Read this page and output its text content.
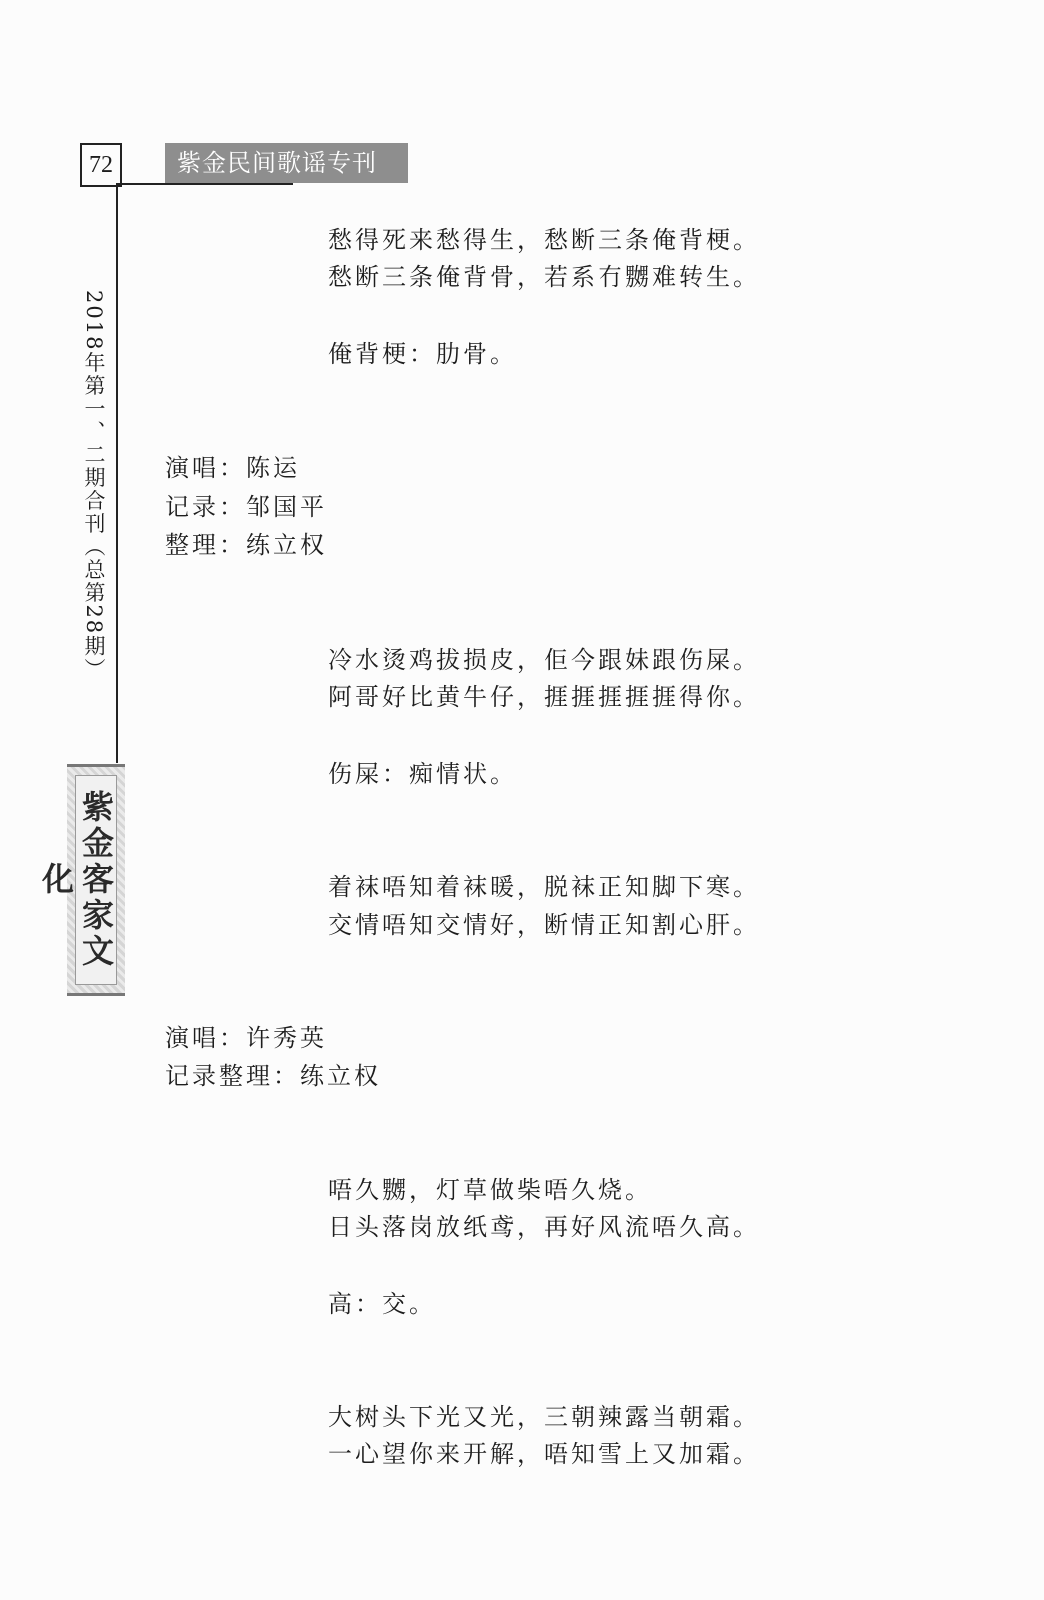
72	紫金民间歌谣专刊
2018年第一、二期合刊（总第28期）
紫金客家文化
愁得死来愁得生，愁断三条俺背梗。
愁断三条俺背骨，若系冇嬲难转生。
俺背梗：肋骨。
演唱：陈运
记录：邹国平
整理：练立权
冷水烫鸡拔损皮，佢今跟妹跟伤屎。
阿哥好比黄牛仔，捱捱捱捱捱得你。
伤屎：痴情状。
着袜唔知着袜暖，脱袜正知脚下寒。
交情唔知交情好，断情正知割心肝。
演唱：许秀英
记录整理：练立权
唔久嬲，灯草做柴唔久烧。
日头落岗放纸鸢，再好风流唔久高。
高：交。
大树头下光又光，三朝辣露当朝霜。
一心望你来开解，唔知雪上又加霜。
